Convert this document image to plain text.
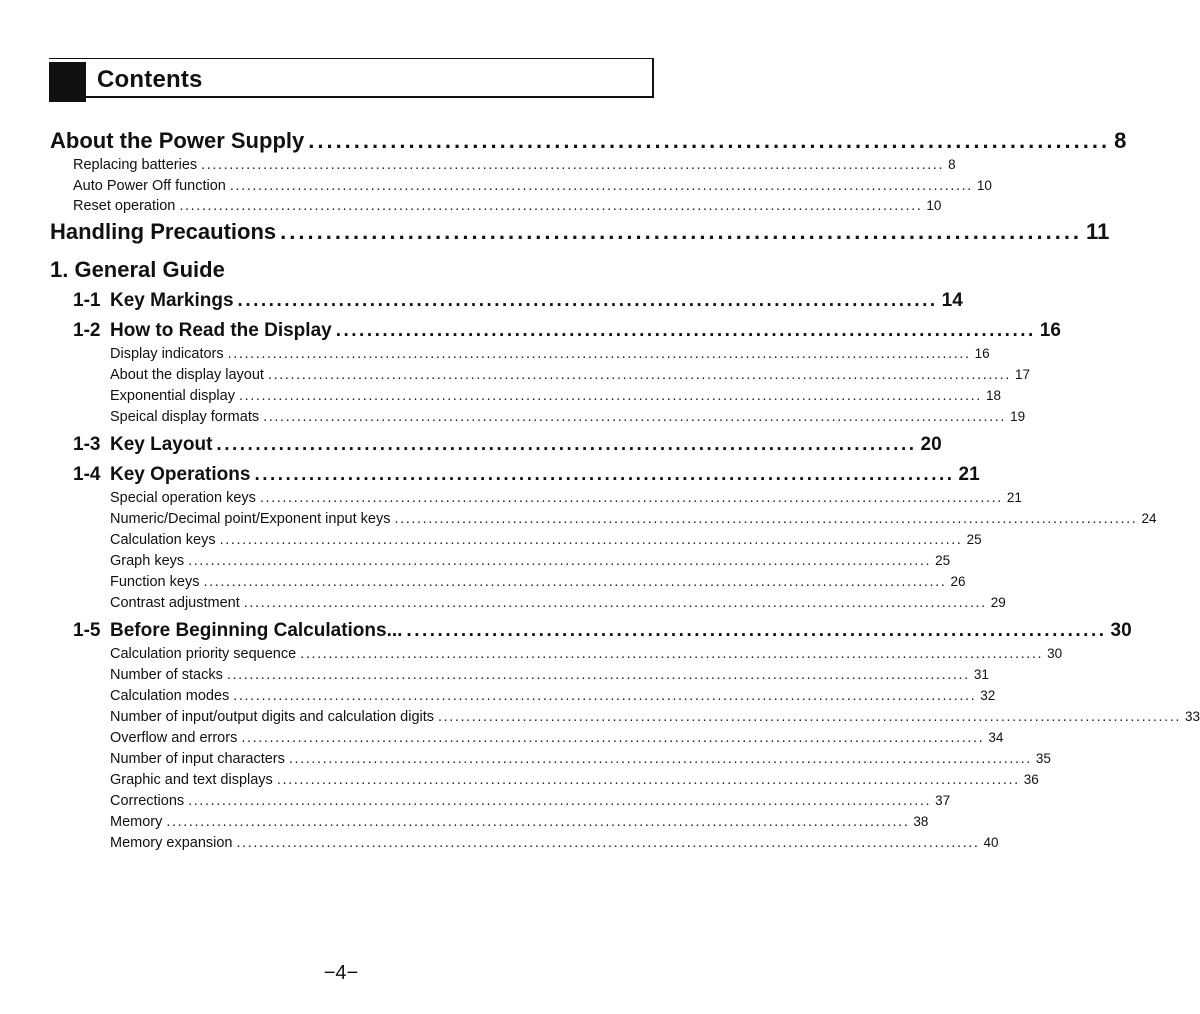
Contents
About the Power Supply ........................................................................................ 8
Replacing batteries .................................................................................................................................... 8
Auto Power Off function .................................................................................................................................... 10
Reset operation .................................................................................................................................... 10
Handling Precautions ........................................................................................ 11
1. General Guide
1-1 Key Markings .......................................................................................... 14
1-2 How to Read the Display .......................................................................................... 16
Display indicators .................................................................................................................................... 16
About the display layout .................................................................................................................................... 17
Exponential display .................................................................................................................................... 18
Speical display formats .................................................................................................................................... 19
1-3 Key Layout .......................................................................................... 20
1-4 Key Operations .......................................................................................... 21
Special operation keys .................................................................................................................................... 21
Numeric/Decimal point/Exponent input keys .................................................................................................................................... 24
Calculation keys .................................................................................................................................... 25
Graph keys .................................................................................................................................... 25
Function keys .................................................................................................................................... 26
Contrast adjustment .................................................................................................................................... 29
1-5 Before Beginning Calculations... .......................................................................................... 30
Calculation priority sequence .................................................................................................................................... 30
Number of stacks .................................................................................................................................... 31
Calculation modes .................................................................................................................................... 32
Number of input/output digits and calculation digits .................................................................................................................................... 33
Overflow and errors .................................................................................................................................... 34
Number of input characters .................................................................................................................................... 35
Graphic and text displays .................................................................................................................................... 36
Corrections .................................................................................................................................... 37
Memory .................................................................................................................................... 38
Memory expansion .................................................................................................................................... 40
−4−
